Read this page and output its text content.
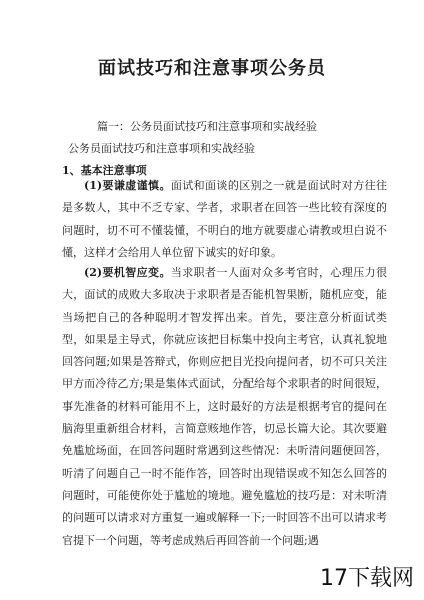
面试技巧和注意事项公务员
篇一：公务员面试技巧和注意事项和实战经验
公务员面试技巧和注意事项和实战经验
1、基本注意事项

(1)要谦虚谨慎。面试和面谈的区别之一就是面试时对方往往是多数人，其中不乏专家、学者，求职者在回答一些比较有深度的问题时，切不可不懂装懂，不明白的地方就要虚心请教或坦白说不懂，这样才会给用人单位留下诚实的好印象。

(2)要机智应变。当求职者一人面对众多考官时，心理压力很大，面试的成败大多取决于求职者是否能机智果断，随机应变，能当场把自己的各种聪明才智发挥出来。首先，要注意分析面试类型，如果是主导式，你就应该把目标集中投向主考官，认真礼貌地回答问题;如果是答辩式，你则应把目光投向提问者，切不可只关注甲方而冷待乙方;果是集体式面试，分配给每个求职者的时间很短，事先准备的材料可能用不上，这时最好的方法是根据考官的提问在脑海里重新组合材料，言简意赅地作答，切忌长篇大论。其次要避免尴尬场面，在回答问题时常遇到这些情况：未听清问题便回答，听清了问题自己一时不能作答，回答时出现错误或不知怎么回答的问题时，可能使你处于尴尬的境地。避免尴尬的技巧是：对未听清的问题可以请求对方重复一遍或解释一下;一时回答不出可以请求考官提下一个问题，等考虑成熟后再回答前一个问题;遇

17下载网
